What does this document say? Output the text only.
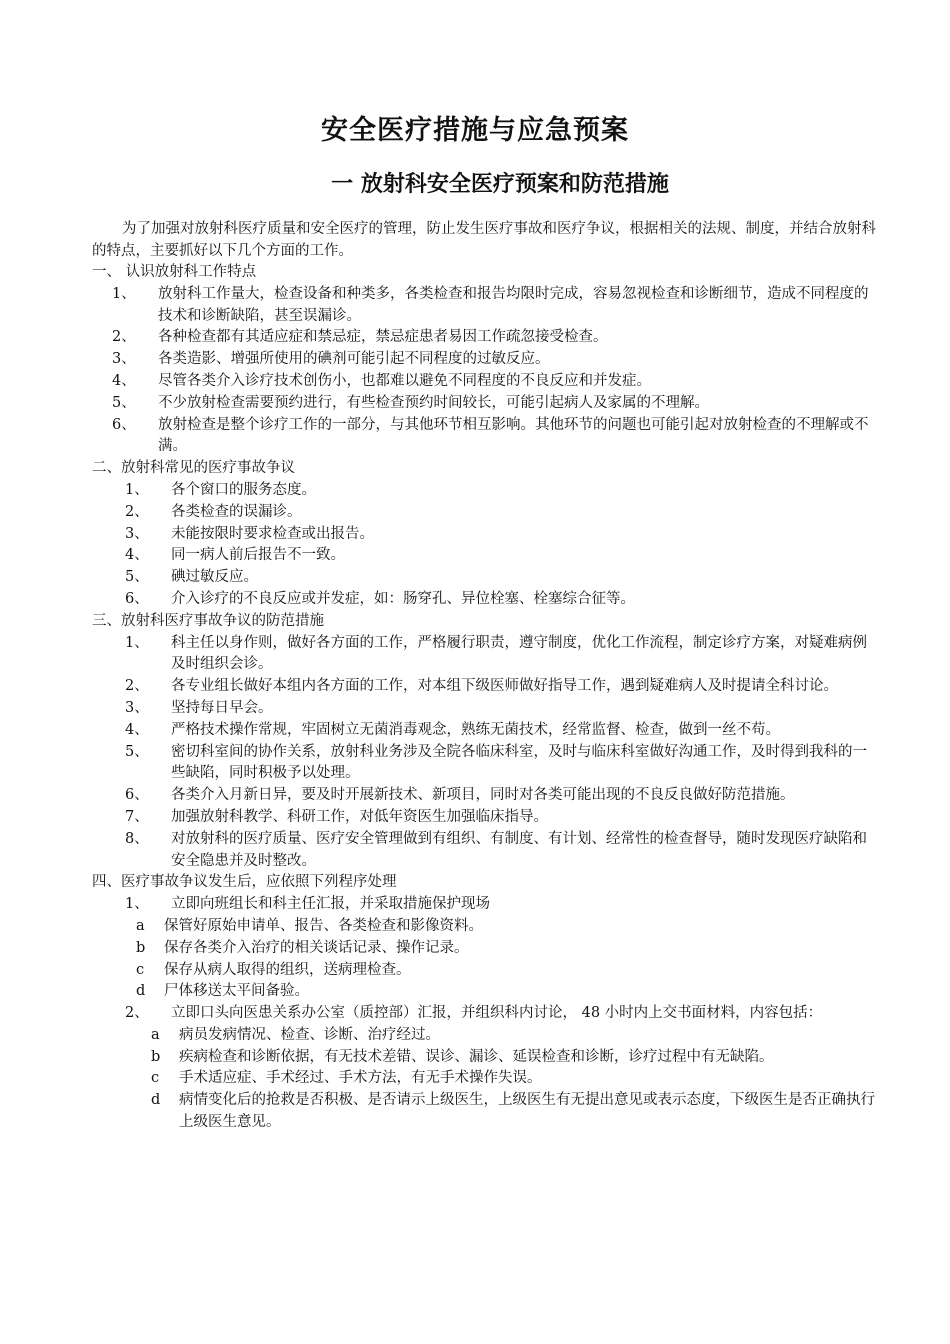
安全医疗措施与应急预案
一 放射科安全医疗预案和防范措施

为了加强对放射科医疗质量和安全医疗的管理，防止发生医疗事故和医疗争议，根据相关的法规、制度，并结合放射科的特点，主要抓好以下几个方面的工作。

一、 认识放射科工作特点

1、 放射科工作量大，检查设备和种类多，各类检查和报告均限时完成，容易忽视检查和诊断细节，造成不同程度的技术和诊断缺陷，甚至误漏诊。
2、 各种检查都有其适应症和禁忌症，禁忌症患者易因工作疏忽接受检查。
3、 各类造影、增强所使用的碘剂可能引起不同程度的过敏反应。
4、 尽管各类介入诊疗技术创伤小，也都难以避免不同程度的不良反应和并发症。
5、 不少放射检查需要预约进行，有些检查预约时间较长，可能引起病人及家属的不理解。
6、 放射检查是整个诊疗工作的一部分，与其他环节相互影响。其他环节的问题也可能引起对放射检查的不理解或不满。

二、放射科常见的医疗事故争议

1、 各个窗口的服务态度。
2、 各类检查的误漏诊。
3、 未能按限时要求检查或出报告。
4、 同一病人前后报告不一致。
5、 碘过敏反应。
6、 介入诊疗的不良反应或并发症，如：肠穿孔、异位栓塞、栓塞综合征等。

三、放射科医疗事故争议的防范措施

1、 科主任以身作则，做好各方面的工作，严格履行职责，遵守制度，优化工作流程，制定诊疗方案，对疑难病例及时组织会诊。
2、 各专业组长做好本组内各方面的工作，对本组下级医师做好指导工作，遇到疑难病人及时提请全科讨论。
3、 坚持每日早会。
4、 严格技术操作常规，牢固树立无菌消毒观念，熟练无菌技术，经常监督、检查，做到一丝不苟。
5、 密切科室间的协作关系，放射科业务涉及全院各临床科室，及时与临床科室做好沟通工作，及时得到我科的一些缺陷，同时积极予以处理。
6、 各类介入月新日异，要及时开展新技术、新项目，同时对各类可能出现的不良反良做好防范措施。
7、 加强放射科教学、科研工作，对低年资医生加强临床指导。
8、 对放射科的医疗质量、医疗安全管理做到有组织、有制度、有计划、经常性的检查督导，随时发现医疗缺陷和安全隐患并及时整改。

四、医疗事故争议发生后，应依照下列程序处理

1、 立即向班组长和科主任汇报，并采取措施保护现场
a 保管好原始申请单、报告、各类检查和影像资料。
b 保存各类介入治疗的相关谈话记录、操作记录。
c 保存从病人取得的组织，送病理检查。
d 尸体移送太平间备验。
2、 立即口头向医患关系办公室（质控部）汇报，并组织科内讨论， 48 小时内上交书面材料，内容包括：
a 病员发病情况、检查、诊断、治疗经过。
b 疾病检查和诊断依据，有无技术差错、误诊、漏诊、延误检查和诊断，诊疗过程中有无缺陷。
c 手术适应症、手术经过、手术方法，有无手术操作失误。
d 病情变化后的抢救是否积极、是否请示上级医生，上级医生有无提出意见或表示态度，下级医生是否正确执行上级医生意见。
